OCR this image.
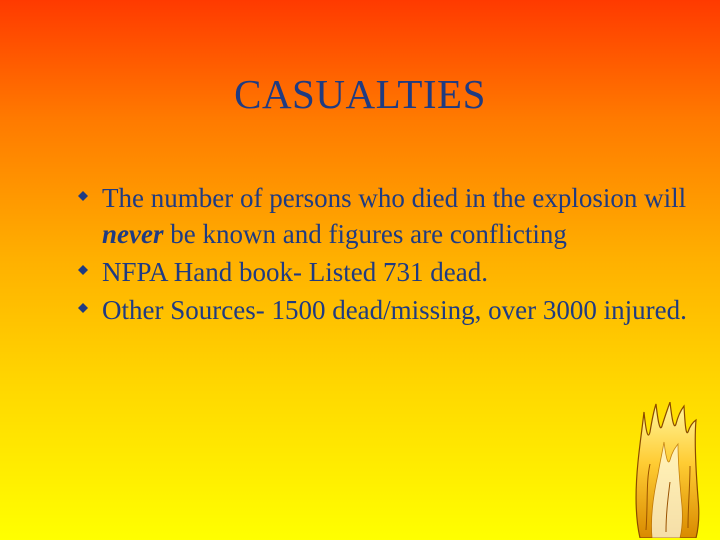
CASUALTIES
The number of persons who died in the explosion will never be known and figures are conflicting
NFPA Hand book- Listed 731 dead.
Other Sources- 1500 dead/missing, over 3000 injured.
